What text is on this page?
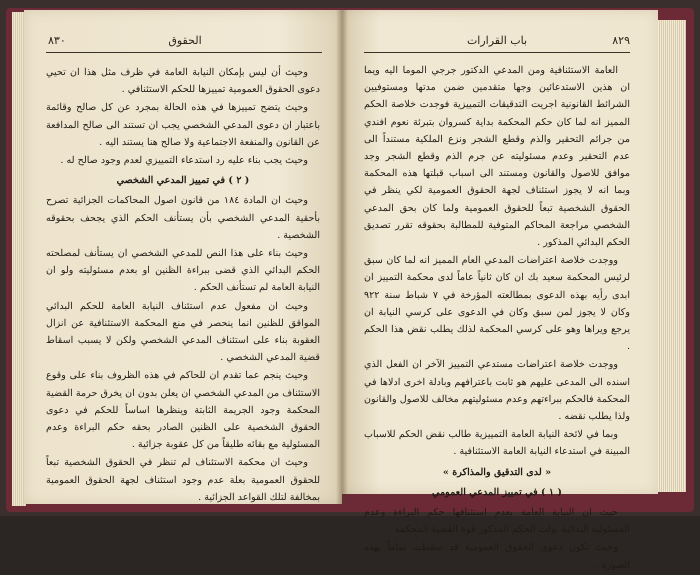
٨٣٠	الحقوق

وحيث أن ليس بإمكان النيابة العامة في ظرف مثل هذا ان تحيي دعوى الحقوق العمومية تمييزها للحكم الاستئنافي .

وحيث يتضح تمييزها في هذه الحالة بمجرد عن كل صالح وقائمة باعتبار ان دعوى المدعي الشخصي يجب ان تستند الى صالح المدافعة عن القانون والمنفعة الاجتماعية ولا صالح هنا يستند اليه .

وحيث يجب بناء عليه رد استدعاء التمييزي لعدم وجود صالح له .

( ٢ ) في تمييز المدعي الشخصي

وحيث ان المادة ١٨٤ من قانون اصول المحاكمات الجزائية تصرح بأحقية المدعي الشخصي بأن يستأنف الحكم الذي يجحف بحقوقه الشخصية .

وحيث بناء على هذا النص للمدعي الشخصي ان يستأنف لمصلحته الحكم البدائي الذي قضى ببراءة الظنين او بعدم مسئوليته ولو ان النيابة العامة لم تستأنف الحكم .

وحيث ان مفعول عدم استئناف النيابة العامة للحكم البدائي المواقق للظنين انما ينحصر في منع المحكمة الاستئنافية عن انزال العقوبة بناء على استئناف المدعي الشخصي ولكن لا يسبب اسقاط قضية المدعي الشخصي .

وحيث ينجم عما تقدم ان للحاكم في هذه الظروف بناء على وقوع الاستئناف من المدعي الشخصي ان يعلن بدون ان يخرق حرمة القضية المحكمة وجود الجريمة الثابتة وينظرها اساساً للحكم في دعوى الحقوق الشخصية على الظنين الصادر بحقه حكم البراءة وعدم المسئولية مع بقائه طليقاً من كل عقوبة جزائية .

وحيث ان محكمة الاستئناف لم تنظر في الحقوق الشخصية تبعاً للحقوق العمومية بعلة عدم وجود استئناف لجهة الحقوق العمومية بمخالفة لتلك القواعد الجزائية .

٨٢٩
باب القرارات

العامة الاستئنافية ومن المدعي الدكتور جرجي الموما اليه ويما ان هذين الاستدعائين وجها متقدمين ضمن مدتها ومستوفيين الشرائط القانونية اجريت التدقيقات التمييزية فوجدت خلاصة الحكم المميز انه لما كان حكم المحكمة بداية كسروان بتبرئة نعوم افندي من جرائم التحقير والذم وقطع الشجر ونزع الملكية مستنداً الى عدم التحقير وعدم مسئوليته عن جرم الذم وقطع الشجر وجد موافق للاصول والقانون ومستند الى اسباب قبلتها هذه المحكمة وبما انه لا يجوز استئناف لجهة الحقوق العمومية لكي ينظر في الحقوق الشخصية تبعاً للحقوق العمومية ولما كان بحق المدعي الشخصي مراجعة المحاكم المتوفية للمطالبة بحقوقه تقرر تصديق الحكم البدائي المذكور .

ووجدت خلاصة اعتراضات المدعي العام المميز انه لما كان سبق لرئيس المحكمة سعيد بك ان كان ثانياً عاماً لدى محكمة التمييز ان ابدى رأيه بهذه الدعوى بمطالعته المؤرخة في ٧ شباط سنة ٩٢٢ وكان لا يجوز لمن سبق وكان في الدعوى على كرسي النيابة ان يرجع ويراها وهو على كرسي المحكمة لذلك يطلب نقض هذا الحكم .

ووجدت خلاصة اعتراضات مستدعي التمييز الآخر ان الفعل الذي اسنده الى المدعى عليهم هو ثابت باعترافهم وبادلة اخرى ادلاها في المحكمة فالحكم ببراءتهم وعدم مسئوليتهم مخالف للاصول والقانون ولذا يطلب نقضه .

وبما في لائحة النيابة العامة التمييزية طالب نقض الحكم للاسباب المبينة في استدعاء النيابة العامة الاستئنافية .

« لدى التدقيق والمذاكرة »

( ١ ) في تمييز المدعي العمومي

حيث ان النيابة العامة بعدم استئنافها حكم البراءة وعدم المسئولية البدائية نولت الحكم المذكور قوة القضية المحكمة .

وحيث تكون دعوى الحقوق العمومية قد سقطت تماماً بهذه الصورة .
